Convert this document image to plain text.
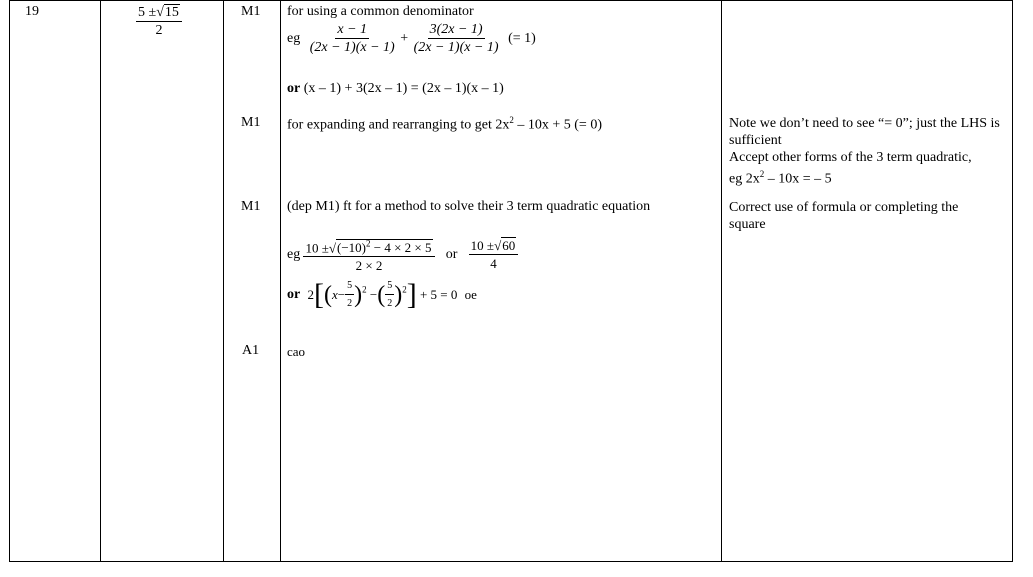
19	$\frac{5 \pm√15}{2}$	M1 for using a common denominator
eg $\frac{x - 1}{(2x - 1)(x - 1)} + \frac{3(2x - 1)}{(2x - 1)(x - 1)}$ (= 1)
or (x – 1) + 3(2x – 1) = (2x – 1)(x – 1)
M1 for expanding and rearranging to get $2x^2 - 10x + 5$ (= 0)	Note we don’t need to see “= 0”; just the LHS is sufficient
Accept other forms of the 3 term quadratic,
eg $2x^2 - 10x$ = – 5
M1 (dep M1) ft for a method to solve their 3 term quadratic equation	Correct use of formula or completing the square
eg $\frac{10 \pm√(-10)^2 - 4 \times 2 \times 5}{2 \times 2}$ or $\frac{10 \pm√60}{4}$
or $2[(x- \frac{5}{2} )^2$ −( $\frac{5}{2} )^2] + 5 = 0$ oe
A1 cao
